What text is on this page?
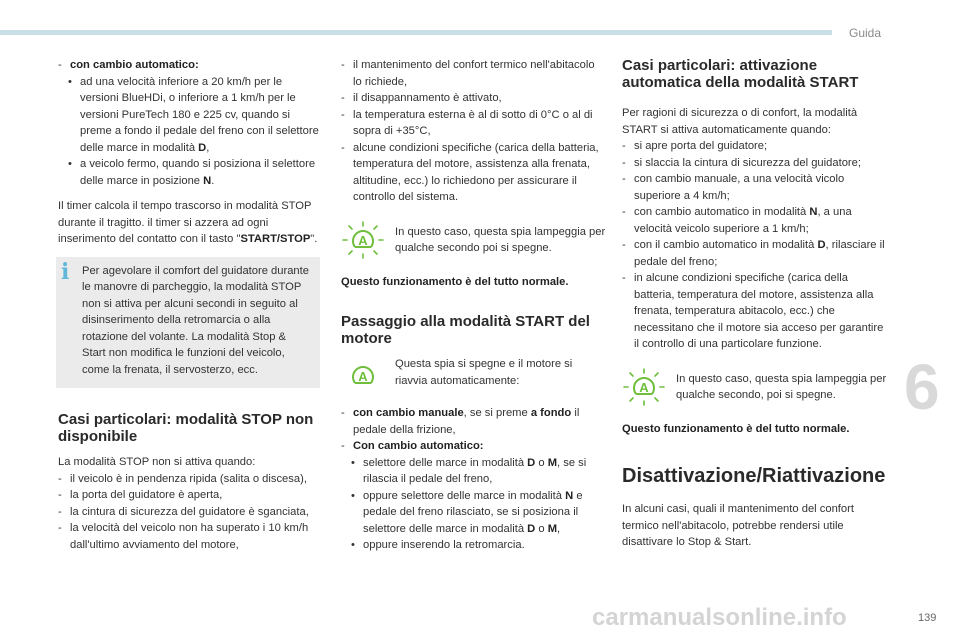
Guida
6
carmanualsonline.info	139
- con cambio automatico:
• ad una velocità inferiore a 20 km/h per le versioni BlueHDi, o inferiore a 1 km/h per le versioni PureTech 180 e 225 cv, quando si preme a fondo il pedale del freno con il selettore delle marce in modalità D,
• a veicolo fermo, quando si posiziona il selettore delle marce in posizione N.

Il timer calcola il tempo trascorso in modalità STOP durante il tragitto. il timer si azzera ad ogni inserimento del contatto con il tasto "START/STOP".

i	Per agevolare il comfort del guidatore durante le manovre di parcheggio, la modalità STOP non si attiva per alcuni secondi in seguito al disinserimento della retromarcia o alla rotazione del volante. La modalità Stop & Start non modifica le funzioni del veicolo, come la frenata, il servosterzo, ecc.

Casi particolari: modalità STOP non disponibile

La modalità STOP non si attiva quando:

- il veicolo è in pendenza ripida (salita o discesa),
- la porta del guidatore è aperta,
- la cintura di sicurezza del guidatore è sganciata,
- la velocità del veicolo non ha superato i 10 km/h dall'ultimo avviamento del motore,
- il mantenimento del confort termico nell'abitacolo lo richiede,
- il disappannamento è attivato,
- la temperatura esterna è al di sotto di 0°C o al di sopra di +35°C,
- alcune condizioni specifiche (carica della batteria, temperatura del motore, assistenza alla frenata, altitudine, ecc.) lo richiedono per assicurare il controllo del sistema.
A

In questo caso, questa spia lampeggia per qualche secondo poi si spegne.

Questo funzionamento è del tutto normale.

Passaggio alla modalità START del motore
A

Questa spia si spegne e il motore si riavvia automaticamente:

- con cambio manuale, se si preme a fondo il pedale della frizione,
- Con cambio automatico:
• selettore delle marce in modalità D o M, se si rilascia il pedale del freno,
• oppure selettore delle marce in modalità N e pedale del freno rilasciato, se si posiziona il selettore delle marce in modalità D o M,
• oppure inserendo la retromarcia.
Casi particolari: attivazione automatica della modalità START

Per ragioni di sicurezza o di confort, la modalità START si attiva automaticamente quando:

- si apre porta del guidatore;
- si slaccia la cintura di sicurezza del guidatore;
- con cambio manuale, a una velocità vicolo superiore a 4 km/h;
- con cambio automatico in modalità N, a una velocità veicolo superiore a 1 km/h;
- con il cambio automatico in modalità D, rilasciare il pedale del freno;
- in alcune condizioni specifiche (carica della batteria, temperatura del motore, assistenza alla frenata, temperatura abitacolo, ecc.) che necessitano che il motore sia acceso per garantire il controllo di una particolare funzione.
A

In questo caso, questa spia lampeggia per qualche secondo, poi si spegne.

Questo funzionamento è del tutto normale.

Disattivazione/Riattivazione

In alcuni casi, quali il mantenimento del confort termico nell'abitacolo, potrebbe rendersi utile disattivare lo Stop & Start.
